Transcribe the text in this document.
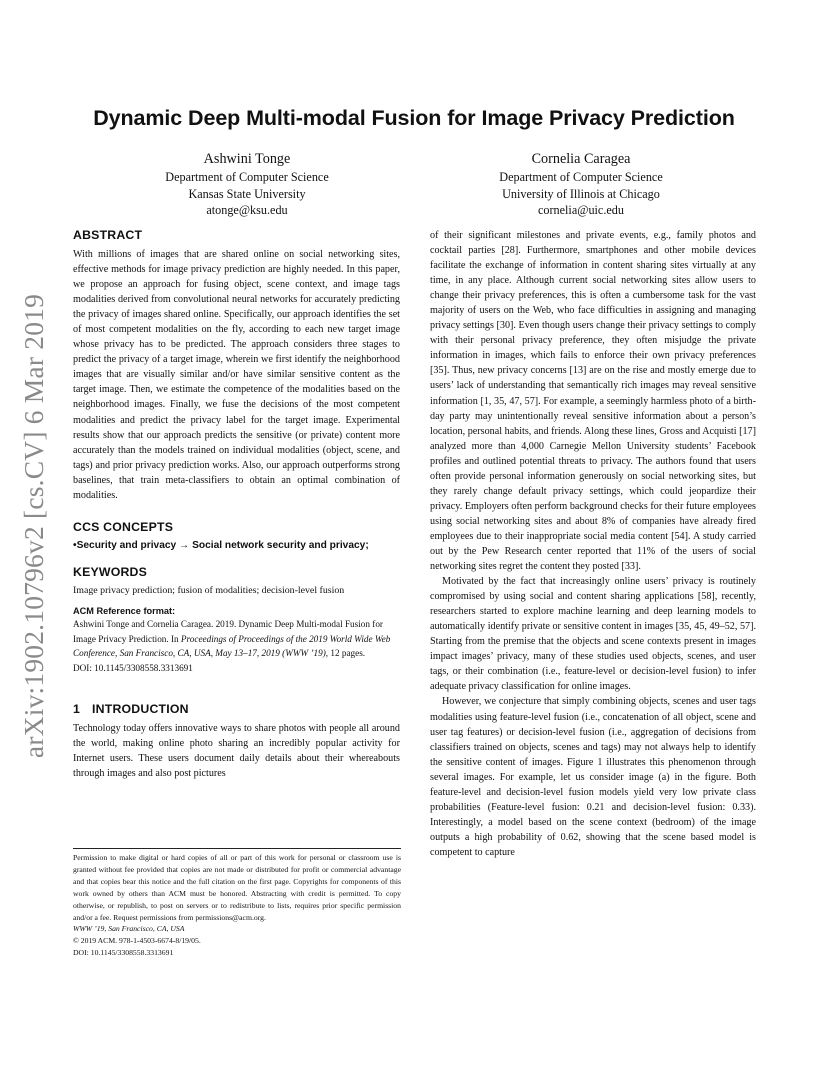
arXiv:1902.10796v2 [cs.CV] 6 Mar 2019
Dynamic Deep Multi-modal Fusion for Image Privacy Prediction
Ashwini Tonge
Department of Computer Science
Kansas State University
atonge@ksu.edu
Cornelia Caragea
Department of Computer Science
University of Illinois at Chicago
cornelia@uic.edu
ABSTRACT

With millions of images that are shared online on social networking sites, effective methods for image privacy prediction are highly needed. In this paper, we propose an approach for fusing object, scene context, and image tags modalities derived from convolutional neural networks for accurately predicting the privacy of images shared online. Specifically, our approach identifies the set of most competent modalities on the fly, according to each new target image whose privacy has to be predicted. The approach considers three stages to predict the privacy of a target image, wherein we first identify the neighborhood images that are visually similar and/or have similar sensitive content as the target image. Then, we estimate the competence of the modalities based on the neighborhood images. Finally, we fuse the decisions of the most competent modalities and predict the privacy label for the target image. Experimental results show that our approach predicts the sensitive (or private) content more accurately than the models trained on individual modalities (object, scene, and tags) and prior privacy prediction works. Also, our approach outperforms strong baselines, that train meta-classifiers to obtain an optimal combination of modalities.

CCS CONCEPTS

•Security and privacy → Social network security and privacy;

KEYWORDS

Image privacy prediction; fusion of modalities; decision-level fusion

ACM Reference format:

Ashwini Tonge and Cornelia Caragea. 2019. Dynamic Deep Multi-modal Fusion for Image Privacy Prediction. In Proceedings of Proceedings of the 2019 World Wide Web Conference, San Francisco, CA, USA, May 13–17, 2019 (WWW ’19), 12 pages.
DOI: 10.1145/3308558.3313691

1 INTRODUCTION

Technology today offers innovative ways to share photos with people all around the world, making online photo sharing an incredibly popular activity for Internet users. These users document daily details about their whereabouts through images and also post pictures

Permission to make digital or hard copies of all or part of this work for personal or classroom use is granted without fee provided that copies are not made or distributed for profit or commercial advantage and that copies bear this notice and the full citation on the first page. Copyrights for components of this work owned by others than ACM must be honored. Abstracting with credit is permitted. To copy otherwise, or republish, to post on servers or to redistribute to lists, requires prior specific permission and/or a fee. Request permissions from permissions@acm.org.

WWW ’19, San Francisco, CA, USA

© 2019 ACM. 978-1-4503-6674-8/19/05.

DOI: 10.1145/3308558.3313691

of their significant milestones and private events, e.g., family photos and cocktail parties [28]. Furthermore, smartphones and other mobile devices facilitate the exchange of information in content sharing sites virtually at any time, in any place. Although current social networking sites allow users to change their privacy preferences, this is often a cumbersome task for the vast majority of users on the Web, who face difficulties in assigning and managing privacy settings [30]. Even though users change their privacy settings to comply with their personal privacy preference, they often misjudge the private information in images, which fails to enforce their own privacy preferences [35]. Thus, new privacy concerns [13] are on the rise and mostly emerge due to users’ lack of understanding that semantically rich images may reveal sensitive information [1, 35, 47, 57]. For example, a seemingly harmless photo of a birthday party may unintentionally reveal sensitive information about a person’s location, personal habits, and friends. Along these lines, Gross and Acquisti [17] analyzed more than 4,000 Carnegie Mellon University students’ Facebook profiles and outlined potential threats to privacy. The authors found that users often provide personal information generously on social networking sites, but they rarely change default privacy settings, which could jeopardize their privacy. Employers often perform background checks for their future employees using social networking sites and about 8% of companies have already fired employees due to their inappropriate social media content [54]. A study carried out by the Pew Research center reported that 11% of the users of social networking sites regret the content they posted [33].

Motivated by the fact that increasingly online users’ privacy is routinely compromised by using social and content sharing applications [58], recently, researchers started to explore machine learning and deep learning models to automatically identify private or sensitive content in images [35, 45, 49–52, 57]. Starting from the premise that the objects and scene contexts present in images impact images’ privacy, many of these studies used objects, scenes, and user tags, or their combination (i.e., feature-level or decision-level fusion) to infer adequate privacy classification for online images.

However, we conjecture that simply combining objects, scenes and user tags modalities using feature-level fusion (i.e., concatenation of all object, scene and user tag features) or decision-level fusion (i.e., aggregation of decisions from classifiers trained on objects, scenes and tags) may not always help to identify the sensitive content of images. Figure 1 illustrates this phenomenon through several images. For example, let us consider image (a) in the figure. Both feature-level and decision-level fusion models yield very low private class probabilities (Feature-level fusion: 0.21 and decision-level fusion: 0.33). Interestingly, a model based on the scene context (bedroom) of the image outputs a high probability of 0.62, showing that the scene based model is competent to capture
